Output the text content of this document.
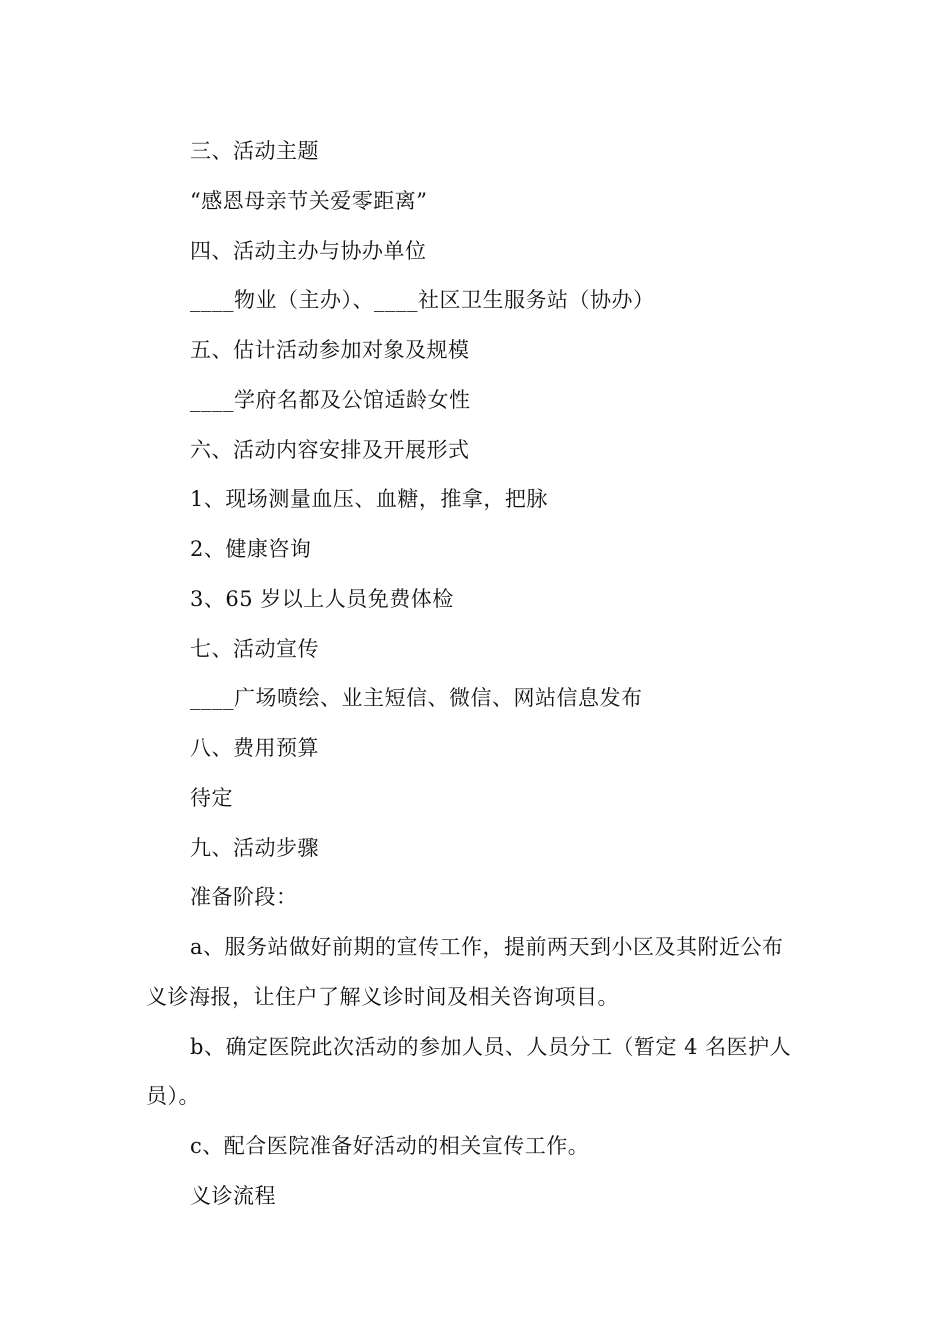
三、活动主题
“感恩母亲节关爱零距离”
四、活动主办与协办单位
____物业（主办）、____社区卫生服务站（协办）
五、估计活动参加对象及规模
____学府名都及公馆适龄女性
六、活动内容安排及开展形式
1、现场测量血压、血糖，推拿，把脉
2、健康咨询
3、65 岁以上人员免费体检
七、活动宣传
____广场喷绘、业主短信、微信、网站信息发布
八、费用预算
待定
九、活动步骤
准备阶段：
a、服务站做好前期的宣传工作，提前两天到小区及其附近公布
义诊海报，让住户了解义诊时间及相关咨询项目。
b、确定医院此次活动的参加人员、人员分工（暂定 4 名医护人
员）。
c、配合医院准备好活动的相关宣传工作。
义诊流程
